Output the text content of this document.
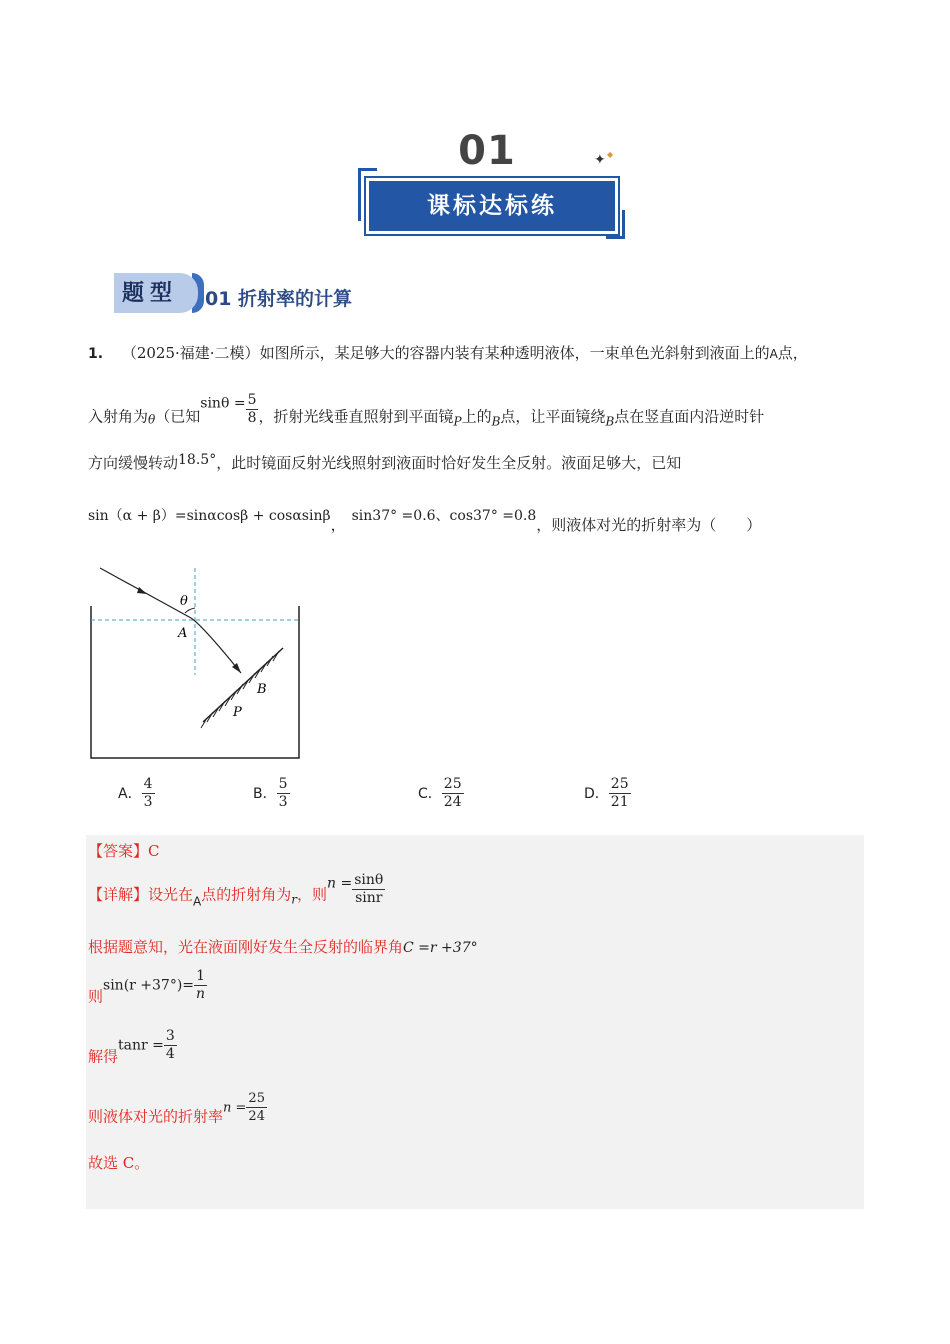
01	✦ ◆
课标达标练
题型	01 折射率的计算
1. （2025·福建·二模）如图所示，某足够大的容器内装有某种透明液体，一束单色光斜射到液面上的A点，
入射角为$_\theta$（已知$\sin\theta = \frac{5}{8}$ ，折射光线垂直照射到平面镜$_P$上的$_B$点，让平面镜绕$_B$点在竖直面内沿逆时针
方向缓慢转动18.5°，此时镜面反射光线照射到液面时恰好发生全反射。液面足够大，已知
sin（α + β）=sinαcosβ + cosαsinβ， sin37° =0.6、cos37° =0.8，则液体对光的折射率为（　　）
θ
A
B
P
A． $\frac{4}{3}$	B． $\frac{5}{3}$	C． $\frac{25}{24}$	D． $\frac{25}{21}$
【答案】C
【详解】设光在$_A$点的折射角为$_r$，则$n = \frac{\sin\theta}{\sin r}$
根据题意知，光在液面刚好发生全反射的临界角C =r +37°
则$\sin(r +37^\circ)= \frac{1}{n}$
解得$\tan r = \frac{3}{4}$
则液体对光的折射率$n = \frac{25}{24}$
故选 C。
